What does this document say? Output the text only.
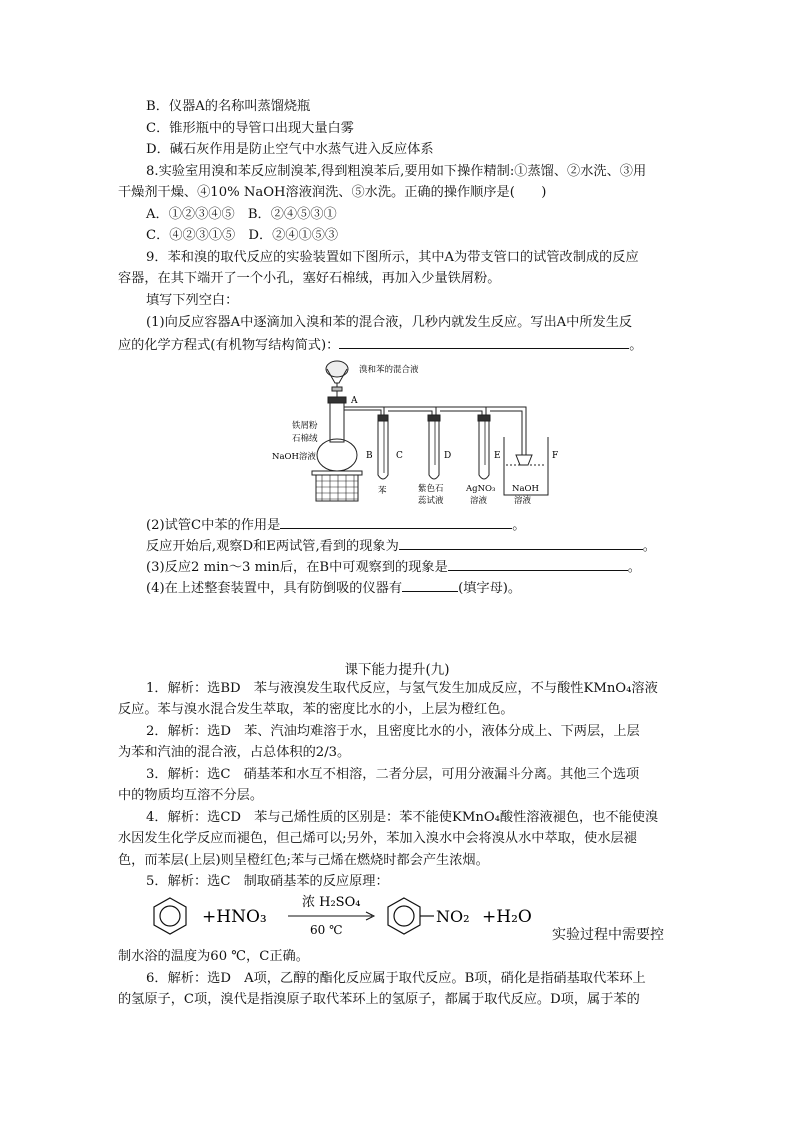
B．仪器A的名称叫蒸馏烧瓶
C．锥形瓶中的导管口出现大量白雾
D．碱石灰作用是防止空气中水蒸气进入反应体系
8.实验室用溴和苯反应制溴苯,得到粗溴苯后,要用如下操作精制:①蒸馏、②水洗、③用
干燥剂干燥、④10% NaOH溶液润洗、⑤水洗。正确的操作顺序是(　　)
A．①②③④⑤　B．②④⑤③①
C．④②③①⑤　D．②④①⑤③
9．苯和溴的取代反应的实验装置如下图所示，其中A为带支管口的试管改制成的反应
容器，在其下端开了一个小孔，塞好石棉绒，再加入少量铁屑粉。
填写下列空白：
(1)向反应容器A中逐滴加入溴和苯的混合液，几秒内就发生反应。写出A中所发生反
应的化学方程式(有机物写结构简式)：	。
溴和苯的混合液
A
铁屑粉
石棉绒
NaOH溶液	B	C	D	E	F
苯	紫色石
蕊试液
AgNO₃
溶液
NaOH
溶液
(2)试管C中苯的作用是	。
反应开始后,观察D和E两试管,看到的现象为	。
(3)反应2 min～3 min后，在B中可观察到的现象是	。
(4)在上述整套装置中，具有防倒吸的仪器有	(填字母)。
课下能力提升(九)
1．解析：选BD　苯与液溴发生取代反应，与氢气发生加成反应，不与酸性KMnO₄溶液
反应。苯与溴水混合发生萃取，苯的密度比水的小，上层为橙红色。
2．解析：选D　苯、汽油均难溶于水，且密度比水的小，液体分成上、下两层，上层
为苯和汽油的混合液，占总体积的2/3。
3．解析：选C　硝基苯和水互不相溶，二者分层，可用分液漏斗分离。其他三个选项
中的物质均互溶不分层。
4．解析：选CD　苯与己烯性质的区别是：苯不能使KMnO₄酸性溶液褪色，也不能使溴
水因发生化学反应而褪色，但己烯可以;另外，苯加入溴水中会将溴从水中萃取，使水层褪
色，而苯层(上层)则呈橙红色;苯与己烯在燃烧时都会产生浓烟。
5．解析：选C　制取硝基苯的反应原理：
+HNO₃
浓 H₂SO₄
60 ℃
NO₂ +H₂O
实验过程中需要控
制水浴的温度为60 ℃，C正确。
6．解析：选D　A项，乙醇的酯化反应属于取代反应。B项，硝化是指硝基取代苯环上
的氢原子，C项，溴代是指溴原子取代苯环上的氢原子，都属于取代反应。D项，属于苯的
